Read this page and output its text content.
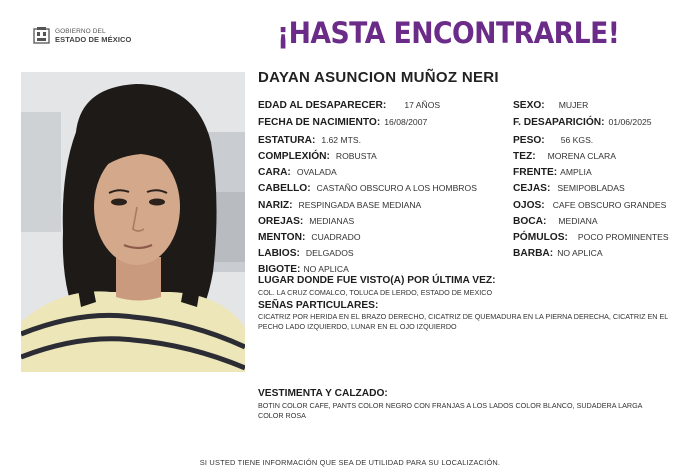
GOBIERNO DEL
ESTADO DE MÉXICO	¡HASTA ENCONTRARLE!
DAYAN ASUNCION MUÑOZ NERI
EDAD AL DESAPARECER: 17 AÑOS
FECHA DE NACIMIENTO: 16/08/2007
ESTATURA: 1.62 MTS.
COMPLEXIÓN: ROBUSTA
CARA: OVALADA
CABELLO: CASTAÑO OBSCURO A LOS HOMBROS
NARIZ: RESPINGADA BASE MEDIANA
OREJAS: MEDIANAS
MENTON: CUADRADO
LABIOS: DELGADOS
BIGOTE: NO APLICA
SEXO: MUJER
F. DESAPARICIÓN: 01/06/2025
PESO: 56 KGS.
TEZ: MORENA CLARA
FRENTE: AMPLIA
CEJAS: SEMIPOBLADAS
OJOS: CAFE OBSCURO GRANDES
BOCA: MEDIANA
PÓMULOS: POCO PROMINENTES
BARBA: NO APLICA
LUGAR DONDE FUE VISTO(A) POR ÚLTIMA VEZ:
COL. LA CRUZ COMALCO, TOLUCA DE LERDO, ESTADO DE MEXICO
SEÑAS PARTICULARES:
CICATRIZ POR HERIDA EN EL BRAZO DERECHO, CICATRIZ DE QUEMADURA EN LA PIERNA DERECHA, CICATRIZ EN EL PECHO LADO IZQUIERDO, LUNAR EN EL OJO IZQUIERDO
VESTIMENTA Y CALZADO:
BOTIN COLOR CAFE, PANTS COLOR NEGRO CON FRANJAS A LOS LADOS COLOR BLANCO, SUDADERA LARGA COLOR ROSA
SI USTED TIENE INFORMACIÓN QUE SEA DE UTILIDAD PARA SU LOCALIZACIÓN.
